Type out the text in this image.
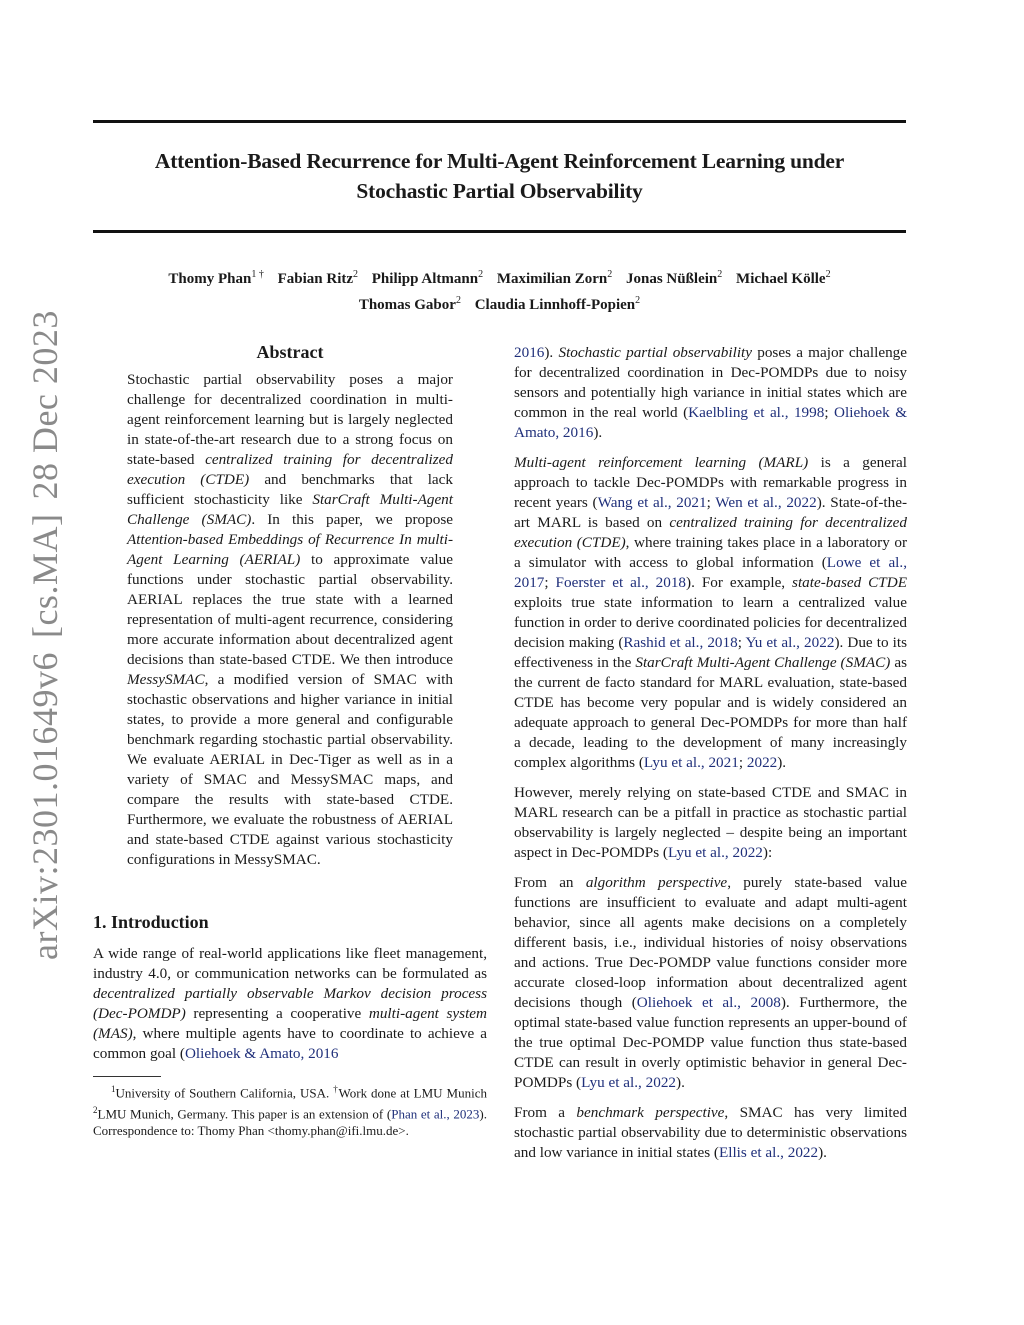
Attention-Based Recurrence for Multi-Agent Reinforcement Learning under
Stochastic Partial Observability
Thomy Phan$^{1 \dagger}$ Fabian Ritz$^2$ Philipp Altmann$^2$ Maximilian Zorn$^2$ Jonas Nüßlein$^2$ Michael Kölle$^2$
Thomas Gabor$^2$ Claudia Linnhoff-Popien$^2$
arXiv:2301.01649v6[cs.MA]28 Dec 2023	Abstract
Stochastic partial observability poses a major challenge for decentralized coordination in multi-agent reinforcement learning but is largely neglected in state-of-the-art research due to a strong focus on state-based centralized training for decentralized execution (CTDE) and benchmarks that lack sufficient stochasticity like StarCraft Multi-Agent Challenge (SMAC). In this paper, we propose Attention-based Embeddings of Recurrence In multi-Agent Learning (AERIAL) to approximate value functions under stochastic partial observability. AERIAL replaces the true state with a learned representation of multi-agent recurrence, considering more accurate information about decentralized agent decisions than state-based CTDE. We then introduce MessySMAC, a modified version of SMAC with stochastic observations and higher variance in initial states, to provide a more general and configurable benchmark regarding stochastic partial observability. We evaluate AERIAL in Dec-Tiger as well as in a variety of SMAC and MessySMAC maps, and compare the results with state-based CTDE. Furthermore, we evaluate the robustness of AERIAL and state-based CTDE against various stochasticity configurations in MessySMAC.
1. Introduction

A wide range of real-world applications like fleet management, industry 4.0, or communication networks can be formulated as decentralized partially observable Markov decision process (Dec-POMDP) representing a cooperative multi-agent system (MAS), where multiple agents have to coordinate to achieve a common goal (Oliehoek & Amato, 2016

$^1$University of Southern California, USA. †Work done at LMU Munich $^2$LMU Munich, Germany. This paper is an extension of (Phan et al., 2023). Correspondence to: Thomy Phan <thomy.phan@ifi.lmu.de>.

2016). Stochastic partial observability poses a major challenge for decentralized coordination in Dec-POMDPs due to noisy sensors and potentially high variance in initial states which are common in the real world (Kaelbling et al., 1998; Oliehoek & Amato, 2016).

Multi-agent reinforcement learning (MARL) is a general approach to tackle Dec-POMDPs with remarkable progress in recent years (Wang et al., 2021; Wen et al., 2022). State-of-the-art MARL is based on centralized training for decentralized execution (CTDE), where training takes place in a laboratory or a simulator with access to global information (Lowe et al., 2017; Foerster et al., 2018). For example, state-based CTDE exploits true state information to learn a centralized value function in order to derive coordinated policies for decentralized decision making (Rashid et al., 2018; Yu et al., 2022). Due to its effectiveness in the StarCraft Multi-Agent Challenge (SMAC) as the current de facto standard for MARL evaluation, state-based CTDE has become very popular and is widely considered an adequate approach to general Dec-POMDPs for more than half a decade, leading to the development of many increasingly complex algorithms (Lyu et al., 2021; 2022).

However, merely relying on state-based CTDE and SMAC in MARL research can be a pitfall in practice as stochastic partial observability is largely neglected – despite being an important aspect in Dec-POMDPs (Lyu et al., 2022):

From an algorithm perspective, purely state-based value functions are insufficient to evaluate and adapt multi-agent behavior, since all agents make decisions on a completely different basis, i.e., individual histories of noisy observations and actions. True Dec-POMDP value functions consider more accurate closed-loop information about decentralized agent decisions though (Oliehoek et al., 2008). Furthermore, the optimal state-based value function represents an upper-bound of the true optimal Dec-POMDP value function thus state-based CTDE can result in overly optimistic behavior in general Dec-POMDPs (Lyu et al., 2022).

From a benchmark perspective, SMAC has very limited stochastic partial observability due to deterministic observations and low variance in initial states (Ellis et al., 2022).
